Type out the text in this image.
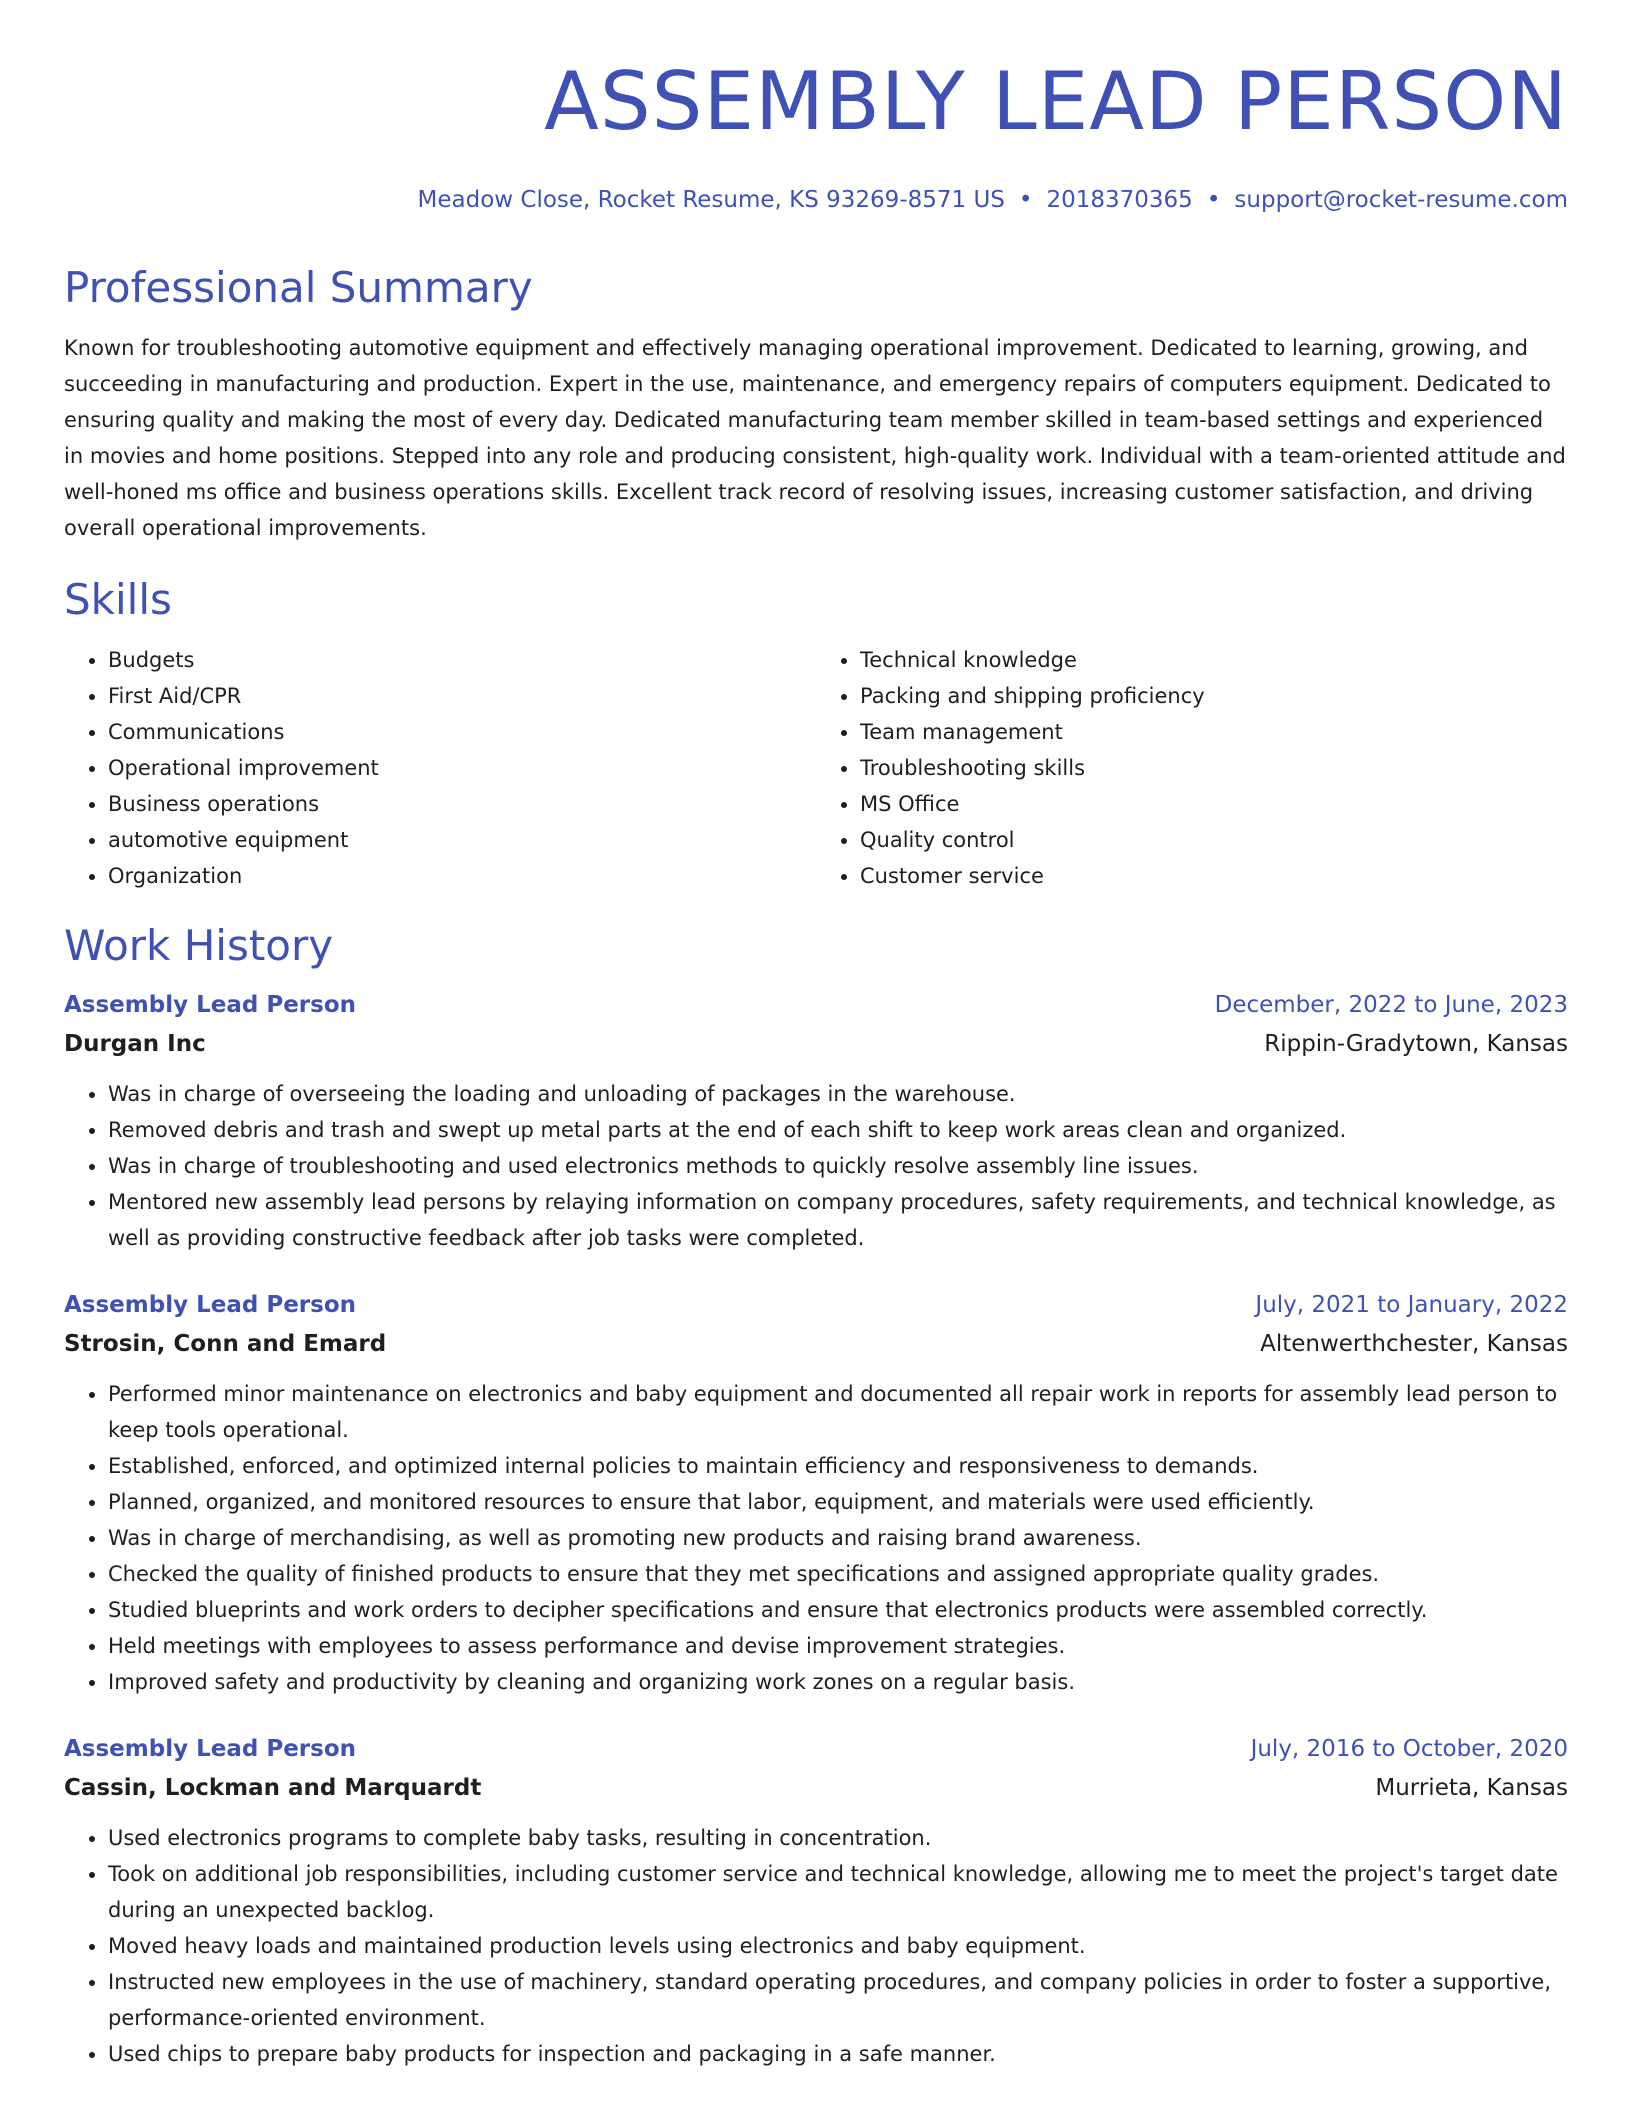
ASSEMBLY LEAD PERSON
Meadow Close, Rocket Resume, KS 93269-8571 US • 2018370365 • support@rocket-resume.com
Professional Summary
Known for troubleshooting automotive equipment and effectively managing operational improvement. Dedicated to learning, growing, and succeeding in manufacturing and production. Expert in the use, maintenance, and emergency repairs of computers equipment. Dedicated to ensuring quality and making the most of every day. Dedicated manufacturing team member skilled in team-based settings and experienced in movies and home positions. Stepped into any role and producing consistent, high-quality work. Individual with a team-oriented attitude and well-honed ms office and business operations skills. Excellent track record of resolving issues, increasing customer satisfaction, and driving overall operational improvements.
Skills
• Budgets
• First Aid/CPR
• Communications
• Operational improvement
• Business operations
• automotive equipment
• Organization
• Technical knowledge
• Packing and shipping proficiency
• Team management
• Troubleshooting skills
• MS Office
• Quality control
• Customer service
Work History
Assembly Lead Person	December, 2022 to June, 2023
Durgan Inc	Rippin-Gradytown, Kansas
• Was in charge of overseeing the loading and unloading of packages in the warehouse.
• Removed debris and trash and swept up metal parts at the end of each shift to keep work areas clean and organized.
• Was in charge of troubleshooting and used electronics methods to quickly resolve assembly line issues.
• Mentored new assembly lead persons by relaying information on company procedures, safety requirements, and technical knowledge, as well as providing constructive feedback after job tasks were completed.
Assembly Lead Person	July, 2021 to January, 2022
Strosin, Conn and Emard	Altenwerthchester, Kansas
• Performed minor maintenance on electronics and baby equipment and documented all repair work in reports for assembly lead person to keep tools operational.
• Established, enforced, and optimized internal policies to maintain efficiency and responsiveness to demands.
• Planned, organized, and monitored resources to ensure that labor, equipment, and materials were used efficiently.
• Was in charge of merchandising, as well as promoting new products and raising brand awareness.
• Checked the quality of finished products to ensure that they met specifications and assigned appropriate quality grades.
• Studied blueprints and work orders to decipher specifications and ensure that electronics products were assembled correctly.
• Held meetings with employees to assess performance and devise improvement strategies.
• Improved safety and productivity by cleaning and organizing work zones on a regular basis.
Assembly Lead Person	July, 2016 to October, 2020
Cassin, Lockman and Marquardt	Murrieta, Kansas
• Used electronics programs to complete baby tasks, resulting in concentration.
• Took on additional job responsibilities, including customer service and technical knowledge, allowing me to meet the project's target date during an unexpected backlog.
• Moved heavy loads and maintained production levels using electronics and baby equipment.
• Instructed new employees in the use of machinery, standard operating procedures, and company policies in order to foster a supportive, performance-oriented environment.
• Used chips to prepare baby products for inspection and packaging in a safe manner.
